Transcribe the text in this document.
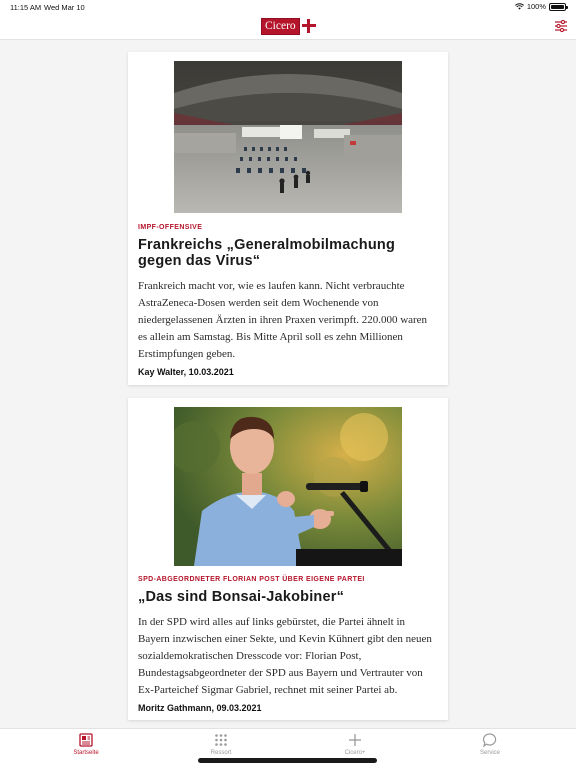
11:15 AM Wed Mar 10	100%
Cicero
IMPF-OFFENSIVE
Frankreichs „Generalmobilmachung gegen das Virus“
Frankreich macht vor, wie es laufen kann. Nicht verbrauchte AstraZeneca-Dosen werden seit dem Wochenende von niedergelassenen Ärzten in ihren Praxen verimpft. 220.000 waren es allein am Samstag. Bis Mitte April soll es zehn Millionen Erstimpfungen geben.
Kay Walter, 10.03.2021
SPD-ABGEORDNETER FLORIAN POST ÜBER EIGENE PARTEI
„Das sind Bonsai-Jakobiner“
In der SPD wird alles auf links gebürstet, die Partei ähnelt in Bayern inzwischen einer Sekte, und Kevin Kühnert gibt den neuen sozialdemokratischen Dresscode vor: Florian Post, Bundestagsabgeordneter der SPD aus Bayern und Vertrauter von Ex-Parteichef Sigmar Gabriel, rechnet mit seiner Partei ab.
Moritz Gathmann, 09.03.2021
Startseite	Ressort	Cicero+	Service
